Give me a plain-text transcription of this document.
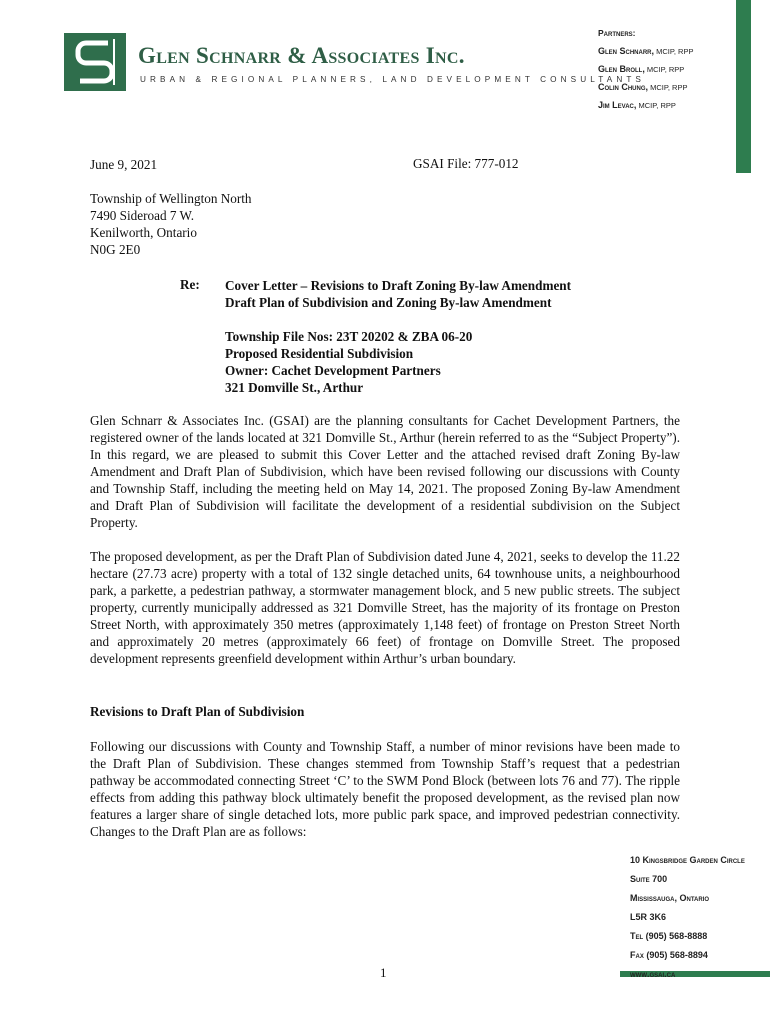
Glen Schnarr & Associates Inc.
URBAN & REGIONAL PLANNERS, LAND DEVELOPMENT CONSULTANTS
Partners:
Glen Schnarr, MCIP, RPP
Glen Broll, MCIP, RPP
Colin Chung, MCIP, RPP
Jim Levac, MCIP, RPP
June 9, 2021	GSAI File: 777-012
Township of Wellington North
7490 Sideroad 7 W.
Kenilworth, Ontario
N0G 2E0
Re: Cover Letter – Revisions to Draft Zoning By-law Amendment
Draft Plan of Subdivision and Zoning By-law Amendment
Township File Nos: 23T 20202 & ZBA 06-20
Proposed Residential Subdivision
Owner: Cachet Development Partners
321 Domville St., Arthur
Glen Schnarr & Associates Inc. (GSAI) are the planning consultants for Cachet Development Partners, the registered owner of the lands located at 321 Domville St., Arthur (herein referred to as the “Subject Property”). In this regard, we are pleased to submit this Cover Letter and the attached revised draft Zoning By-law Amendment and Draft Plan of Subdivision, which have been revised following our discussions with County and Township Staff, including the meeting held on May 14, 2021. The proposed Zoning By-law Amendment and Draft Plan of Subdivision will facilitate the development of a residential subdivision on the Subject Property.
The proposed development, as per the Draft Plan of Subdivision dated June 4, 2021, seeks to develop the 11.22 hectare (27.73 acre) property with a total of 132 single detached units, 64 townhouse units, a neighbourhood park, a parkette, a pedestrian pathway, a stormwater management block, and 5 new public streets. The subject property, currently municipally addressed as 321 Domville Street, has the majority of its frontage on Preston Street North, with approximately 350 metres (approximately 1,148 feet) of frontage on Preston Street North and approximately 20 metres (approximately 66 feet) of frontage on Domville Street. The proposed development represents greenfield development within Arthur’s urban boundary.
Revisions to Draft Plan of Subdivision
Following our discussions with County and Township Staff, a number of minor revisions have been made to the Draft Plan of Subdivision. These changes stemmed from Township Staff’s request that a pedestrian pathway be accommodated connecting Street ‘C’ to the SWM Pond Block (between lots 76 and 77). The ripple effects from adding this pathway block ultimately benefit the proposed development, as the revised plan now features a larger share of single detached lots, more public park space, and improved pedestrian connectivity. Changes to the Draft Plan are as follows:
10 Kingsbridge Garden Circle
Suite 700
Mississauga, Ontario
L5R 3K6
Tel (905) 568-8888
Fax (905) 568-8894
www.gsai.ca
1
